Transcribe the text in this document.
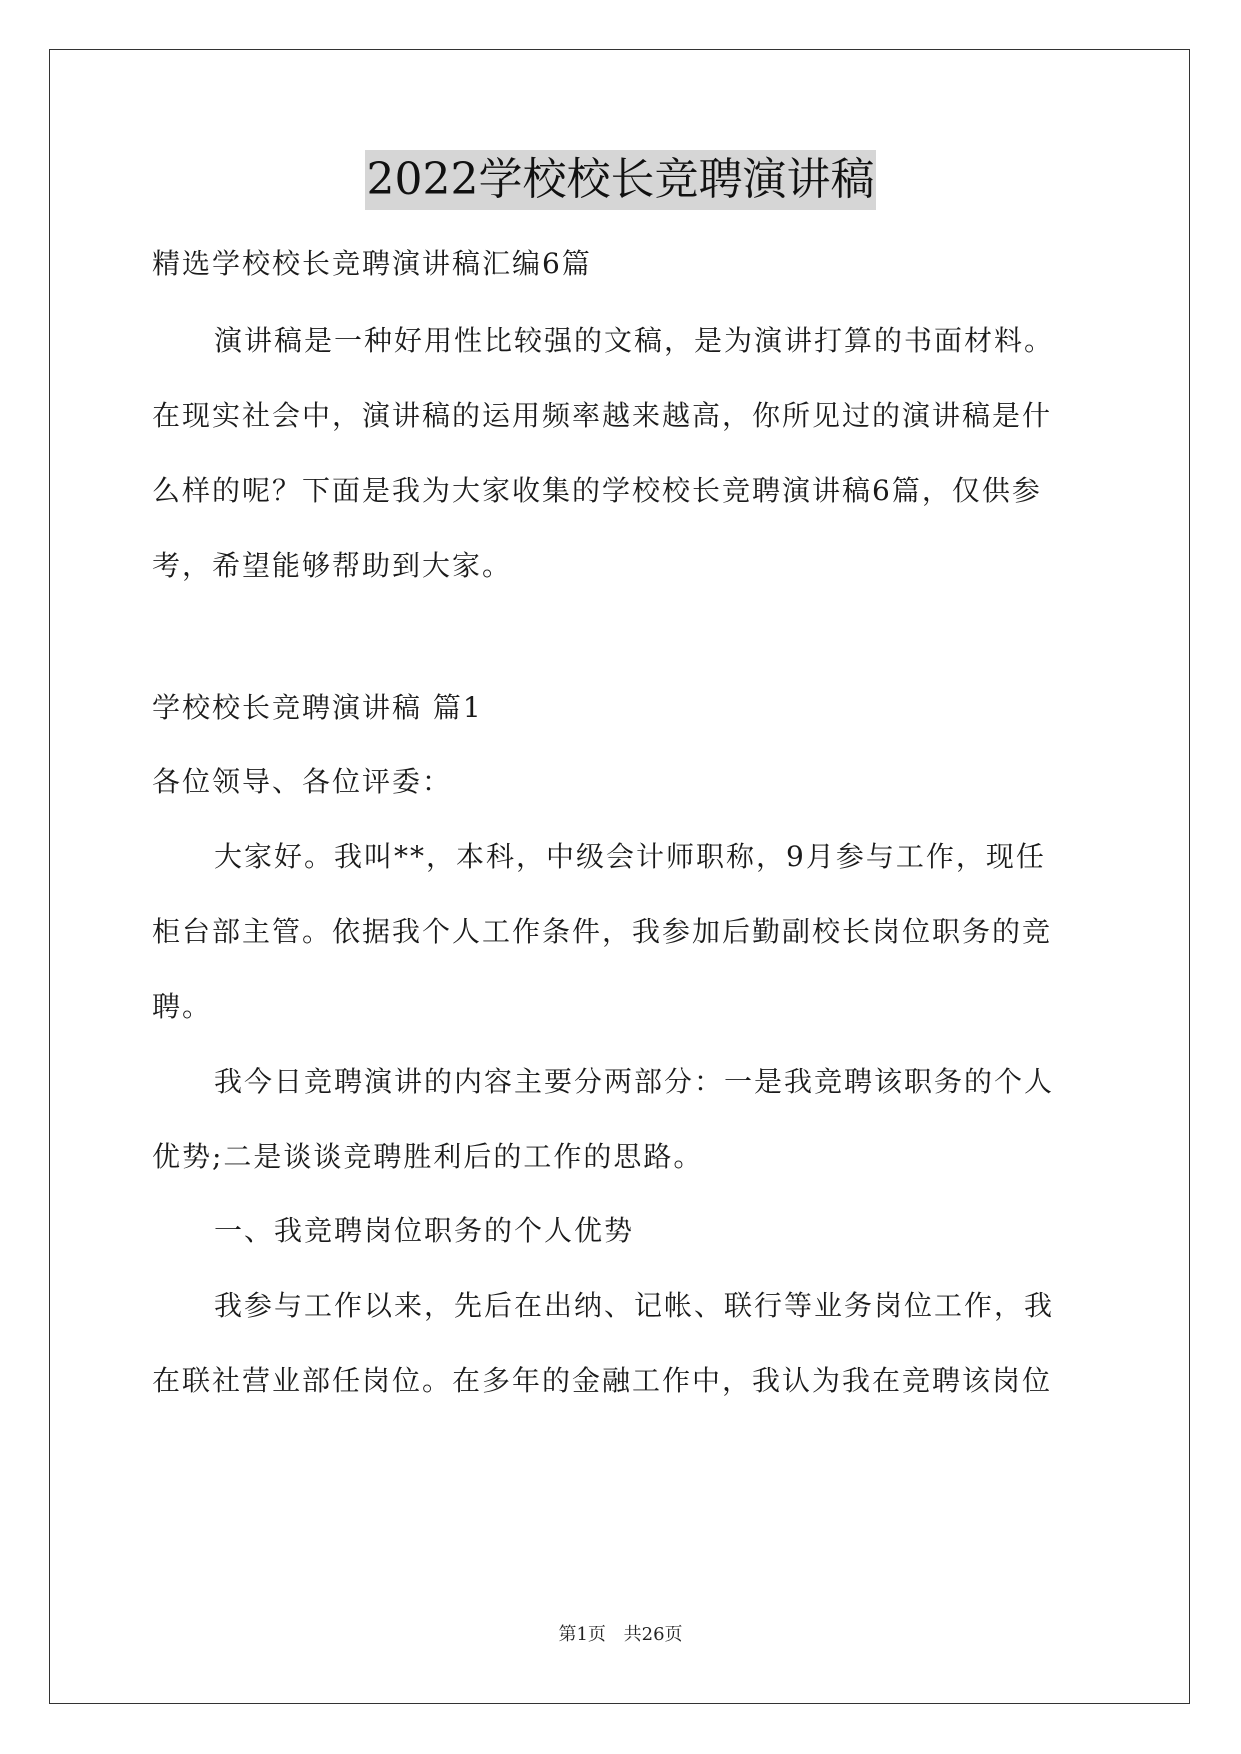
2022学校校长竞聘演讲稿
精选学校校长竞聘演讲稿汇编6篇
演讲稿是一种好用性比较强的文稿，是为演讲打算的书面材料。
在现实社会中，演讲稿的运用频率越来越高，你所见过的演讲稿是什
么样的呢？下面是我为大家收集的学校校长竞聘演讲稿6篇，仅供参
考，希望能够帮助到大家。
学校校长竞聘演讲稿 篇1
各位领导、各位评委：
大家好。我叫**，本科，中级会计师职称，9月参与工作，现任
柜台部主管。依据我个人工作条件，我参加后勤副校长岗位职务的竞
聘。
我今日竞聘演讲的内容主要分两部分：一是我竞聘该职务的个人
优势;二是谈谈竞聘胜利后的工作的思路。
一、我竞聘岗位职务的个人优势
我参与工作以来，先后在出纳、记帐、联行等业务岗位工作，我
在联社营业部任岗位。在多年的金融工作中，我认为我在竞聘该岗位
第1页 共26页
